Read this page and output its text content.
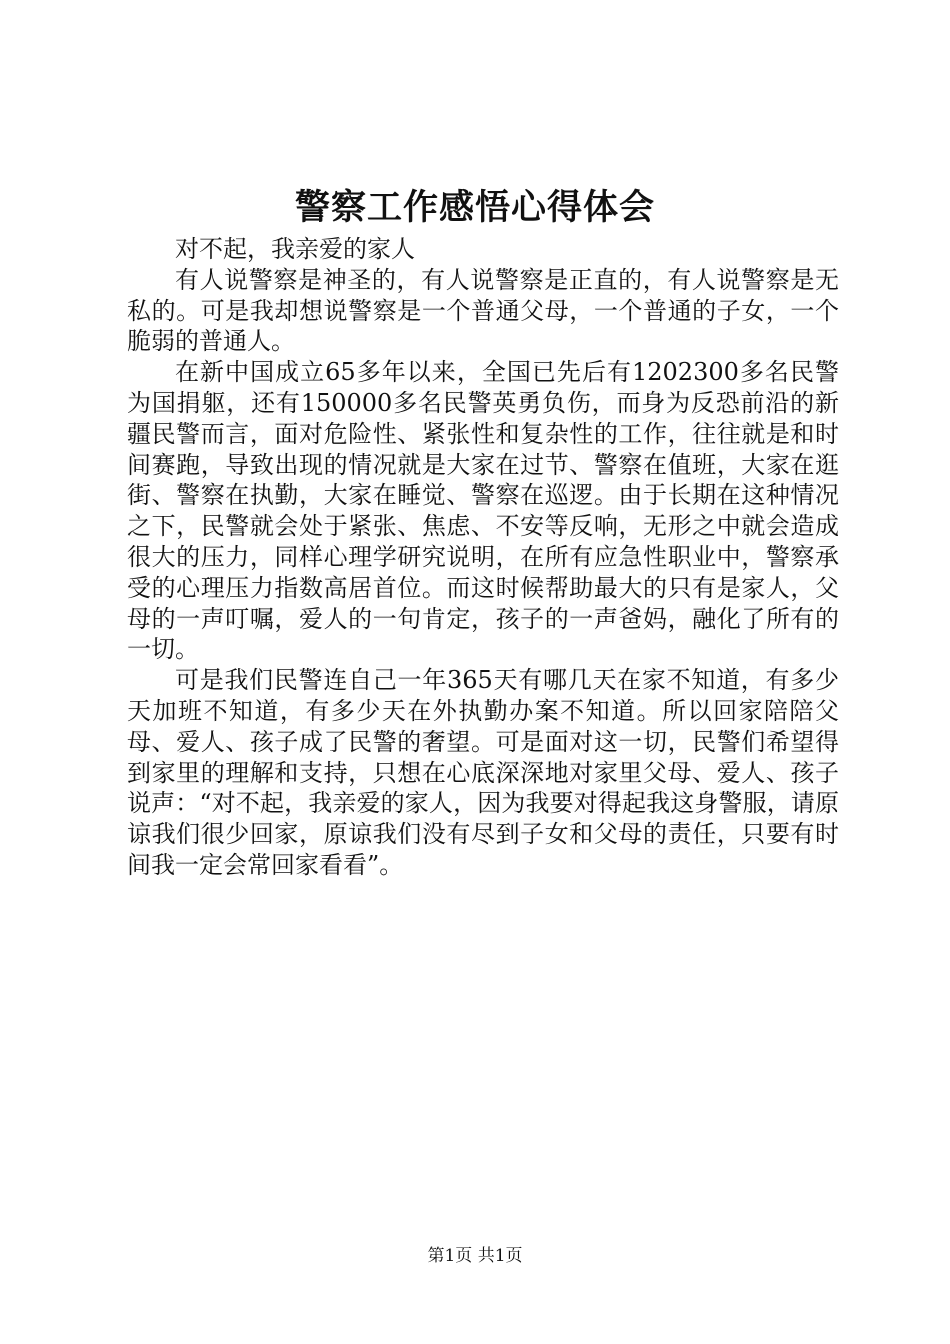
警察工作感悟心得体会

对不起，我亲爱的家人

有人说警察是神圣的，有人说警察是正直的，有人说警察是无私的。可是我却想说警察是一个普通父母，一个普通的子女，一个脆弱的普通人。

在新中国成立65多年以来，全国已先后有1202300多名民警为国捐躯，还有150000多名民警英勇负伤，而身为反恐前沿的新疆民警而言，面对危险性、紧张性和复杂性的工作，往往就是和时间赛跑，导致出现的情况就是大家在过节、警察在值班，大家在逛街、警察在执勤，大家在睡觉、警察在巡逻。由于长期在这种情况之下，民警就会处于紧张、焦虑、不安等反响，无形之中就会造成很大的压力，同样心理学研究说明，在所有应急性职业中，警察承受的心理压力指数高居首位。而这时候帮助最大的只有是家人，父母的一声叮嘱，爱人的一句肯定，孩子的一声爸妈，融化了所有的一切。

可是我们民警连自己一年365天有哪几天在家不知道，有多少天加班不知道，有多少天在外执勤办案不知道。所以回家陪陪父母、爱人、孩子成了民警的奢望。可是面对这一切，民警们希望得到家里的理解和支持，只想在心底深深地对家里父母、爱人、孩子说声：“对不起，我亲爱的家人，因为我要对得起我这身警服，请原谅我们很少回家，原谅我们没有尽到子女和父母的责任，只要有时间我一定会常回家看看”。

第1页 共1页
